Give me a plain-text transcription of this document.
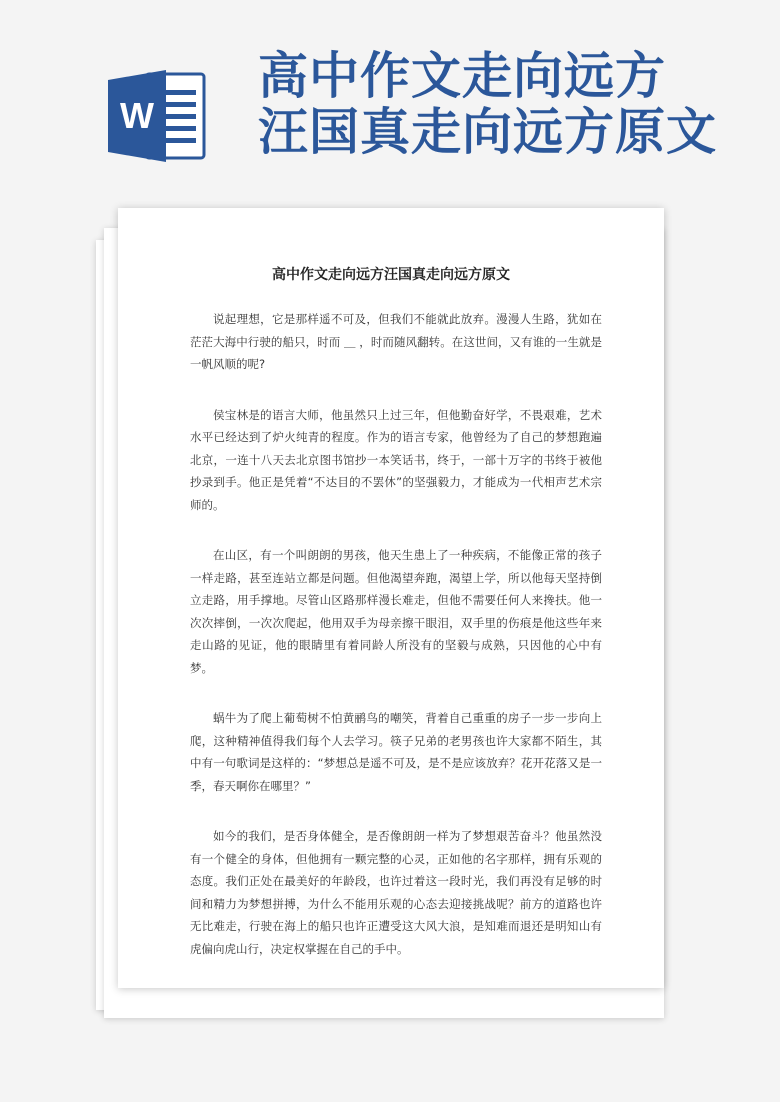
W
高中作文走向远方
汪国真走向远方原文
高中作文走向远方汪国真走向远方原文

说起理想，它是那样遥不可及，但我们不能就此放弃。漫漫人生路，犹如在茫茫大海中行驶的船只，时而 ＿ ，时而随风翻转。在这世间，又有谁的一生就是一帆风顺的呢?

侯宝林是的语言大师，他虽然只上过三年，但他勤奋好学，不畏艰难，艺术水平已经达到了炉火纯青的程度。作为的语言专家，他曾经为了自己的梦想跑遍北京，一连十八天去北京图书馆抄一本笑话书，终于，一部十万字的书终于被他抄录到手。他正是凭着“不达目的不罢休”的坚强毅力，才能成为一代相声艺术宗师的。

在山区，有一个叫朗朗的男孩，他天生患上了一种疾病，不能像正常的孩子一样走路，甚至连站立都是问题。但他渴望奔跑，渴望上学，所以他每天坚持倒立走路，用手撑地。尽管山区路那样漫长难走，但他不需要任何人来搀扶。他一次次摔倒，一次次爬起，他用双手为母亲擦干眼泪，双手里的伤痕是他这些年来走山路的见证，他的眼睛里有着同龄人所没有的坚毅与成熟，只因他的心中有梦。

蜗牛为了爬上葡萄树不怕黄鹂鸟的嘲笑，背着自己重重的房子一步一步向上爬，这种精神值得我们每个人去学习。筷子兄弟的老男孩也许大家都不陌生，其中有一句歌词是这样的：“梦想总是遥不可及，是不是应该放弃？花开花落又是一季，春天啊你在哪里？”

如今的我们，是否身体健全，是否像朗朗一样为了梦想艰苦奋斗？他虽然没有一个健全的身体，但他拥有一颗完整的心灵，正如他的名字那样，拥有乐观的态度。我们正处在最美好的年龄段，也许过着这一段时光，我们再没有足够的时间和精力为梦想拼搏，为什么不能用乐观的心态去迎接挑战呢？前方的道路也许无比难走，行驶在海上的船只也许正遭受这大风大浪，是知难而退还是明知山有虎偏向虎山行，决定权掌握在自己的手中。
